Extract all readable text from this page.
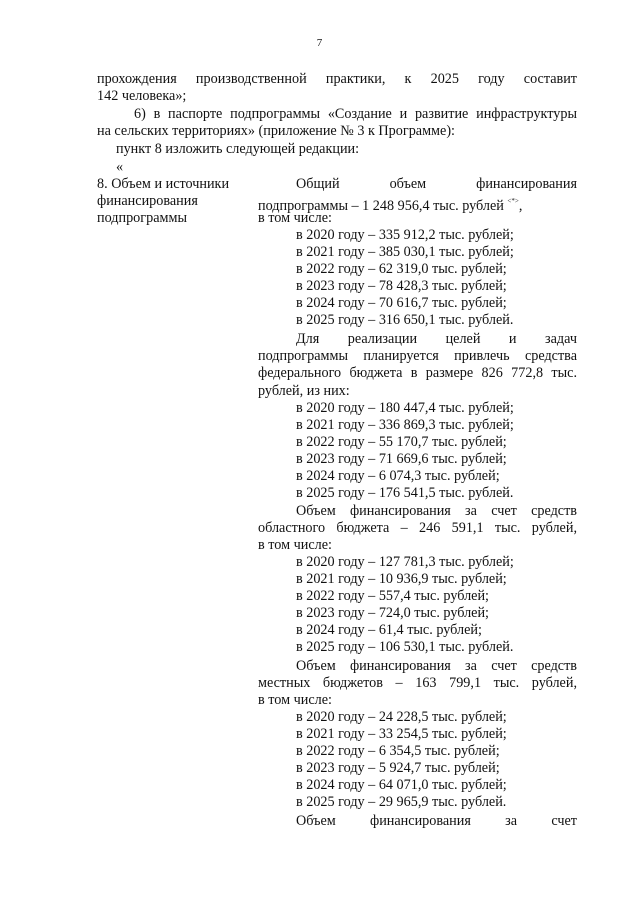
7
прохождения производственной практики, к 2025 году составит
142 человека»;
6) в паспорте подпрограммы «Создание и развитие инфраструктуры
на сельских территориях» (приложение № 3 к Программе):
пункт 8 изложить следующей редакции:
«
8. Объем и источники
финансирования
подпрограммы
Общий объем финансирования
подпрограммы – 1 248 956,4 тыс. рублей <*>,
в том числе:
в 2020 году – 335 912,2 тыс. рублей;
в 2021 году – 385 030,1 тыс. рублей;
в 2022 году – 62 319,0 тыс. рублей;
в 2023 году – 78 428,3 тыс. рублей;
в 2024 году – 70 616,7 тыс. рублей;
в 2025 году – 316 650,1 тыс. рублей.
Для реализации целей и задач
подпрограммы планируется привлечь средства
федерального бюджета в размере 826 772,8 тыс.
рублей, из них:
в 2020 году – 180 447,4 тыс. рублей;
в 2021 году – 336 869,3 тыс. рублей;
в 2022 году – 55 170,7 тыс. рублей;
в 2023 году – 71 669,6 тыс. рублей;
в 2024 году – 6 074,3 тыс. рублей;
в 2025 году – 176 541,5 тыс. рублей.
Объем финансирования за счет средств
областного бюджета – 246 591,1 тыс. рублей,
в том числе:
в 2020 году – 127 781,3 тыс. рублей;
в 2021 году – 10 936,9 тыс. рублей;
в 2022 году – 557,4 тыс. рублей;
в 2023 году – 724,0 тыс. рублей;
в 2024 году – 61,4 тыс. рублей;
в 2025 году – 106 530,1 тыс. рублей.
Объем финансирования за счет средств
местных бюджетов – 163 799,1 тыс. рублей,
в том числе:
в 2020 году – 24 228,5 тыс. рублей;
в 2021 году – 33 254,5 тыс. рублей;
в 2022 году – 6 354,5 тыс. рублей;
в 2023 году – 5 924,7 тыс. рублей;
в 2024 году – 64 071,0 тыс. рублей;
в 2025 году – 29 965,9 тыс. рублей.
Объем финансирования за счет
